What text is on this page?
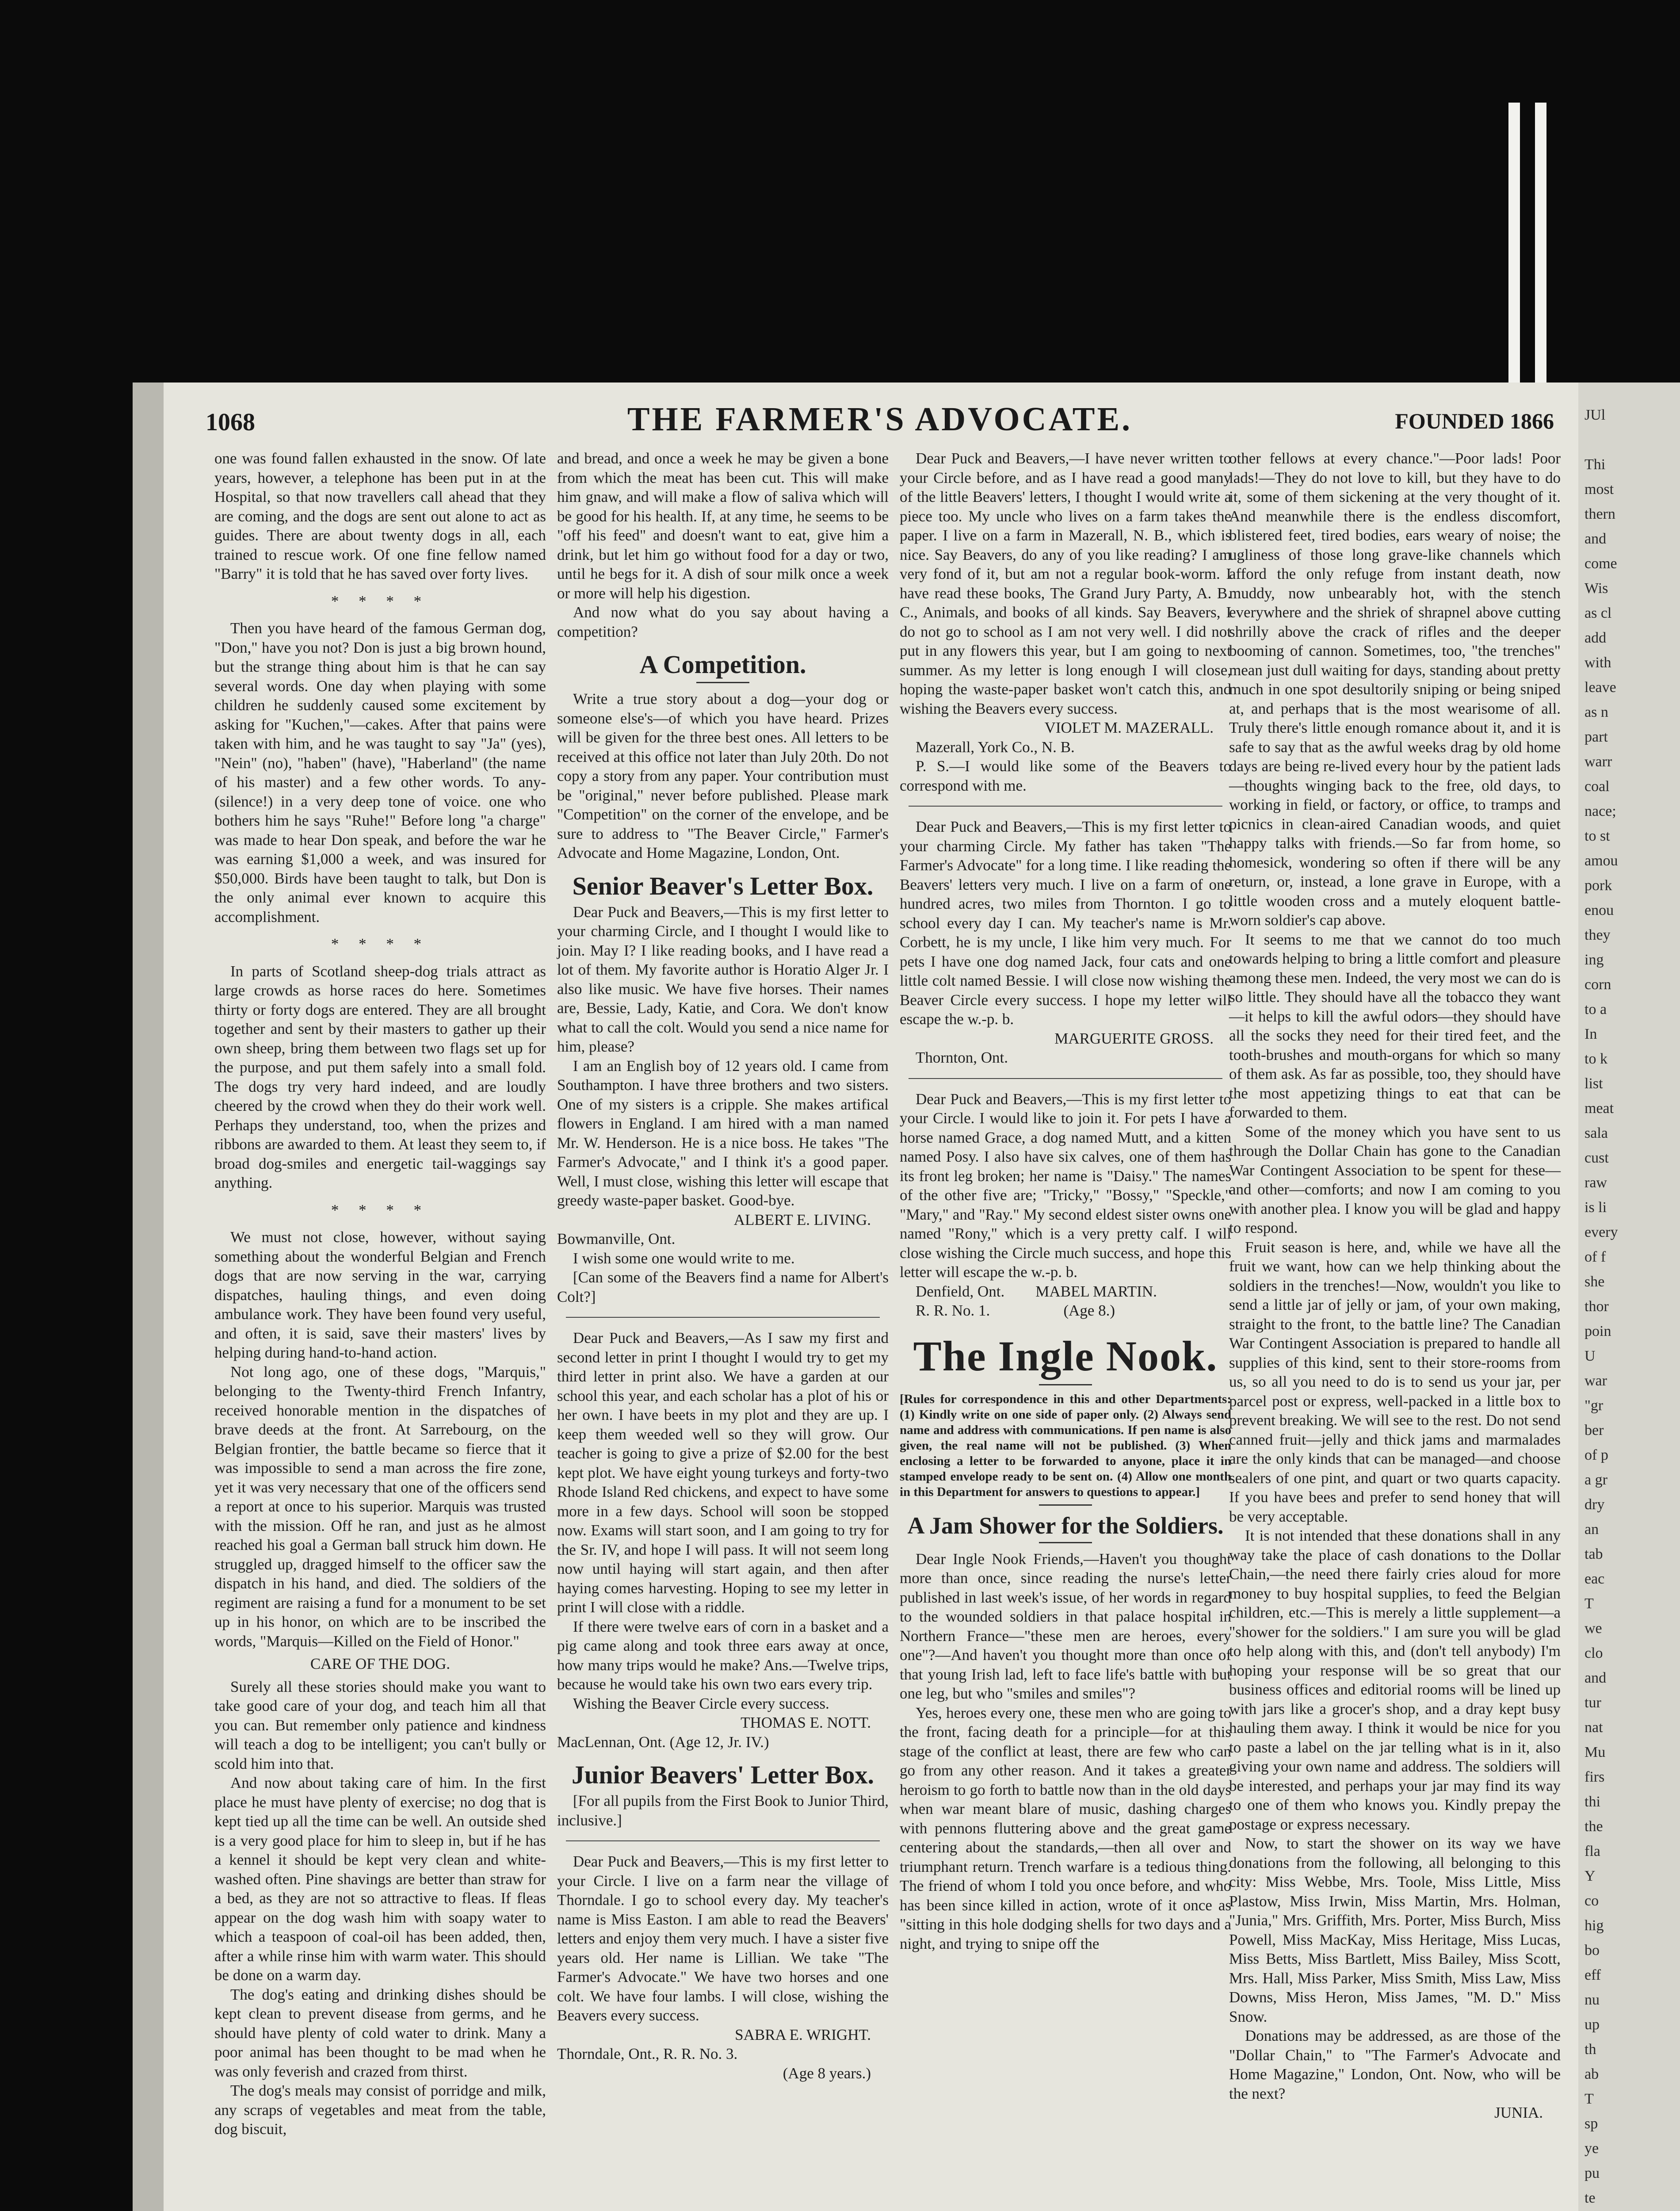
THE FARMER'S ADVOCATE.
1068	FOUNDED 1866

one was found fallen exhausted in the snow. Of late years, however, a telephone has been put in at the Hospital, so that now travellers call ahead that they are coming, and the dogs are sent out alone to act as guides. There are about twenty dogs in all, each trained to rescue work. Of one fine fellow named "Barry" it is told that he has saved over forty lives.

* * * *

Then you have heard of the famous German dog, "Don," have you not? Don is just a big brown hound, but the strange thing about him is that he can say several words. One day when playing with some children he suddenly caused some excitement by asking for "Kuchen,"—cakes. After that pains were taken with him, and he was taught to say "Ja" (yes), "Nein" (no), "haben" (have), "Haberland" (the name of his master) and a few other words. To any-(silence!) in a very deep tone of voice. one who bothers him he says "Ruhe!" Before long "a charge" was made to hear Don speak, and before the war he was earning $1,000 a week, and was insured for $50,000. Birds have been taught to talk, but Don is the only animal ever known to acquire this accomplishment.

* * * *

In parts of Scotland sheep-dog trials attract as large crowds as horse races do here. Sometimes thirty or forty dogs are entered. They are all brought together and sent by their masters to gather up their own sheep, bring them between two flags set up for the purpose, and put them safely into a small fold. The dogs try very hard indeed, and are loudly cheered by the crowd when they do their work well. Perhaps they understand, too, when the prizes and ribbons are awarded to them. At least they seem to, if broad dog-smiles and energetic tail-waggings say anything.

* * * *

We must not close, however, without saying something about the wonderful Belgian and French dogs that are now serving in the war, carrying dispatches, hauling things, and even doing ambulance work. They have been found very useful, and often, it is said, save their masters' lives by helping during hand-to-hand action.

Not long ago, one of these dogs, "Marquis," belonging to the Twenty-third French Infantry, received honorable mention in the dispatches of brave deeds at the front. At Sarrebourg, on the Belgian frontier, the battle became so fierce that it was impossible to send a man across the fire zone, yet it was very necessary that one of the officers send a report at once to his superior. Marquis was trusted with the mission. Off he ran, and just as he almost reached his goal a German ball struck him down. He struggled up, dragged himself to the officer saw the dispatch in his hand, and died. The soldiers of the regiment are raising a fund for a monument to be set up in his honor, on which are to be inscribed the words, "Marquis—Killed on the Field of Honor."

CARE OF THE DOG.

Surely all these stories should make you want to take good care of your dog, and teach him all that you can. But remember only patience and kindness will teach a dog to be intelligent; you can't bully or scold him into that.

And now about taking care of him. In the first place he must have plenty of exercise; no dog that is kept tied up all the time can be well. An outside shed is a very good place for him to sleep in, but if he has a kennel it should be kept very clean and white-washed often. Pine shavings are better than straw for a bed, as they are not so attractive to fleas. If fleas appear on the dog wash him with soapy water to which a teaspoon of coal-oil has been added, then, after a while rinse him with warm water. This should be done on a warm day.

The dog's eating and drinking dishes should be kept clean to prevent disease from germs, and he should have plenty of cold water to drink. Many a poor animal has been thought to be mad when he was only feverish and crazed from thirst.

The dog's meals may consist of porridge and milk, any scraps of vegetables and meat from the table, dog biscuit,

and bread, and once a week he may be given a bone from which the meat has been cut. This will make him gnaw, and will make a flow of saliva which will be good for his health. If, at any time, he seems to be "off his feed" and doesn't want to eat, give him a drink, but let him go without food for a day or two, until he begs for it. A dish of sour milk once a week or more will help his digestion.

And now what do you say about having a competition?

A Competition.

Write a true story about a dog—your dog or someone else's—of which you have heard. Prizes will be given for the three best ones. All letters to be received at this office not later than July 20th. Do not copy a story from any paper. Your contribution must be "original," never before published. Please mark "Competition" on the corner of the envelope, and be sure to address to "The Beaver Circle," Farmer's Advocate and Home Magazine, London, Ont.

Senior Beaver's Letter Box.

Dear Puck and Beavers,—This is my first letter to your charming Circle, and I thought I would like to join. May I? I like reading books, and I have read a lot of them. My favorite author is Horatio Alger Jr. I also like music. We have five horses. Their names are, Bessie, Lady, Katie, and Cora. We don't know what to call the colt. Would you send a nice name for him, please?

I am an English boy of 12 years old. I came from Southampton. I have three brothers and two sisters. One of my sisters is a cripple. She makes artifical flowers in England. I am hired with a man named Mr. W. Henderson. He is a nice boss. He takes "The Farmer's Advocate," and I think it's a good paper. Well, I must close, wishing this letter will escape that greedy waste-paper basket. Good-bye.

ALBERT E. LIVING.

Bowmanville, Ont.

I wish some one would write to me.

[Can some of the Beavers find a name for Albert's Colt?]

Dear Puck and Beavers,—As I saw my first and second letter in print I thought I would try to get my third letter in print also. We have a garden at our school this year, and each scholar has a plot of his or her own. I have beets in my plot and they are up. I keep them weeded well so they will grow. Our teacher is going to give a prize of $2.00 for the best kept plot. We have eight young turkeys and forty-two Rhode Island Red chickens, and expect to have some more in a few days. School will soon be stopped now. Exams will start soon, and I am going to try for the Sr. IV, and hope I will pass. It will not seem long now until haying will start again, and then after haying comes harvesting. Hoping to see my letter in print I will close with a riddle.

If there were twelve ears of corn in a basket and a pig came along and took three ears away at once, how many trips would he make? Ans.—Twelve trips, because he would take his own two ears every trip.

Wishing the Beaver Circle every success.

THOMAS E. NOTT.

MacLennan, Ont. (Age 12, Jr. IV.)

Junior Beavers' Letter Box.

[For all pupils from the First Book to Junior Third, inclusive.]

Dear Puck and Beavers,—This is my first letter to your Circle. I live on a farm near the village of Thorndale. I go to school every day. My teacher's name is Miss Easton. I am able to read the Beavers' letters and enjoy them very much. I have a sister five years old. Her name is Lillian. We take "The Farmer's Advocate." We have two horses and one colt. We have four lambs. I will close, wishing the Beavers every success.

SABRA E. WRIGHT.

Thorndale, Ont., R. R. No. 3.

(Age 8 years.)

Dear Puck and Beavers,—I have never written to your Circle before, and as I have read a good many of the little Beavers' letters, I thought I would write a piece too. My uncle who lives on a farm takes the paper. I live on a farm in Mazerall, N. B., which is nice. Say Beavers, do any of you like reading? I am very fond of it, but am not a regular book-worm. I have read these books, The Grand Jury Party, A. B. C., Animals, and books of all kinds. Say Beavers, I do not go to school as I am not very well. I did not put in any flowers this year, but I am going to next summer. As my letter is long enough I will close, hoping the waste-paper basket won't catch this, and wishing the Beavers every success.

VIOLET M. MAZERALL.

Mazerall, York Co., N. B.

P. S.—I would like some of the Beavers to correspond with me.

Dear Puck and Beavers,—This is my first letter to your charming Circle. My father has taken "The Farmer's Advocate" for a long time. I like reading the Beavers' letters very much. I live on a farm of one hundred acres, two miles from Thornton. I go to school every day I can. My teacher's name is Mr. Corbett, he is my uncle, I like him very much. For pets I have one dog named Jack, four cats and one little colt named Bessie. I will close now wishing the Beaver Circle every success. I hope my letter will escape the w.-p. b.

MARGUERITE GROSS.

Thornton, Ont.

Dear Puck and Beavers,—This is my first letter to your Circle. I would like to join it. For pets I have a horse named Grace, a dog named Mutt, and a kitten named Posy. I also have six calves, one of them has its front leg broken; her name is "Daisy." The names of the other five are; "Tricky," "Bossy," "Speckle," "Mary," and "Ray." My second eldest sister owns one named "Rony," which is a very pretty calf. I will close wishing the Circle much success, and hope this letter will escape the w.-p. b.

Denfield, Ont.        MABEL MARTIN.

R. R. No. 1.                   (Age 8.)

The Ingle Nook.

[Rules for correspondence in this and other Departments: (1) Kindly write on one side of paper only. (2) Always send name and address with communications. If pen name is also given, the real name will not be published. (3) When enclosing a letter to be forwarded to anyone, place it in stamped envelope ready to be sent on. (4) Allow one month in this Department for answers to questions to appear.]

A Jam Shower for the Soldiers.

Dear Ingle Nook Friends,—Haven't you thought more than once, since reading the nurse's letter published in last week's issue, of her words in regard to the wounded soldiers in that palace hospital in Northern France—"these men are heroes, every one"?—And haven't you thought more than once of that young Irish lad, left to face life's battle with but one leg, but who "smiles and smiles"?

Yes, heroes every one, these men who are going to the front, facing death for a principle—for at this stage of the conflict at least, there are few who can go from any other reason. And it takes a greater heroism to go forth to battle now than in the old days when war meant blare of music, dashing charges with pennons fluttering above and the great game centering about the standards,—then all over and triumphant return. Trench warfare is a tedious thing. The friend of whom I told you once before, and who has been since killed in action, wrote of it once as "sitting in this hole dodging shells for two days and a night, and trying to snipe off the

other fellows at every chance."—Poor lads! Poor lads!—They do not love to kill, but they have to do it, some of them sickening at the very thought of it. And meanwhile there is the endless discomfort, blistered feet, tired bodies, ears weary of noise; the ugliness of those long grave-like channels which afford the only refuge from instant death, now muddy, now unbearably hot, with the stench everywhere and the shriek of shrapnel above cutting shrilly above the crack of rifles and the deeper booming of cannon. Sometimes, too, "the trenches" mean just dull waiting for days, standing about pretty much in one spot desultorily sniping or being sniped at, and perhaps that is the most wearisome of all. Truly there's little enough romance about it, and it is safe to say that as the awful weeks drag by old home days are being re-lived every hour by the patient lads—thoughts winging back to the free, old days, to working in field, or factory, or office, to tramps and picnics in clean-aired Canadian woods, and quiet happy talks with friends.—So far from home, so homesick, wondering so often if there will be any return, or, instead, a lone grave in Europe, with a little wooden cross and a mutely eloquent battle-worn soldier's cap above.

It seems to me that we cannot do too much towards helping to bring a little comfort and pleasure among these men. Indeed, the very most we can do is so little. They should have all the tobacco they want—it helps to kill the awful odors—they should have all the socks they need for their tired feet, and the tooth-brushes and mouth-organs for which so many of them ask. As far as possible, too, they should have the most appetizing things to eat that can be forwarded to them.

Some of the money which you have sent to us through the Dollar Chain has gone to the Canadian War Contingent Association to be spent for these—and other—comforts; and now I am coming to you with another plea. I know you will be glad and happy to respond.

Fruit season is here, and, while we have all the fruit we want, how can we help thinking about the soldiers in the trenches!—Now, wouldn't you like to send a little jar of jelly or jam, of your own making, straight to the front, to the battle line? The Canadian War Contingent Association is prepared to handle all supplies of this kind, sent to their store-rooms from us, so all you need to do is to send us your jar, per parcel post or express, well-packed in a little box to prevent breaking. We will see to the rest. Do not send canned fruit—jelly and thick jams and marmalades are the only kinds that can be managed—and choose sealers of one pint, and quart or two quarts capacity. If you have bees and prefer to send honey that will be very acceptable.

It is not intended that these donations shall in any way take the place of cash donations to the Dollar Chain,—the need there fairly cries aloud for more money to buy hospital supplies, to feed the Belgian children, etc.—This is merely a little supplement—a "shower for the soldiers." I am sure you will be glad to help along with this, and (don't tell anybody) I'm hoping your response will be so great that our business offices and editorial rooms will be lined up with jars like a grocer's shop, and a dray kept busy hauling them away. I think it would be nice for you to paste a label on the jar telling what is in it, also giving your own name and address. The soldiers will be interested, and perhaps your jar may find its way to one of them who knows you. Kindly prepay the postage or express necessary.

Now, to start the shower on its way we have donations from the following, all belonging to this city: Miss Webbe, Mrs. Toole, Miss Little, Miss Plastow, Miss Irwin, Miss Martin, Mrs. Holman, "Junia," Mrs. Griffith, Mrs. Porter, Miss Burch, Miss Powell, Miss MacKay, Miss Heritage, Miss Lucas, Miss Betts, Miss Bartlett, Miss Bailey, Miss Scott, Mrs. Hall, Miss Parker, Miss Smith, Miss Law, Miss Downs, Miss Heron, Miss James, "M. D." Miss Snow.

Donations may be addressed, as are those of the "Dollar Chain," to "The Farmer's Advocate and Home Magazine," London, Ont. Now, who will be the next?

JUNIA.

JUl
Thi
most
thern
and
come
Wis
as cl
add
with
leave
as n
part
warr
coal
nace;
to st
amou
pork
enou
they
ing
corn
to a
In
to k
list
meat
sala
cust
raw
is li
every
of f
she
thor
poin
U
war
"gr
ber
of p
a gr
dry
an
tab
eac
T
we
clo
and
tur
nat
Mu
firs
thi
the
fla
Y
co
hig
bo
eff
nu
up
th
ab
T
sp
ye
pu
te
